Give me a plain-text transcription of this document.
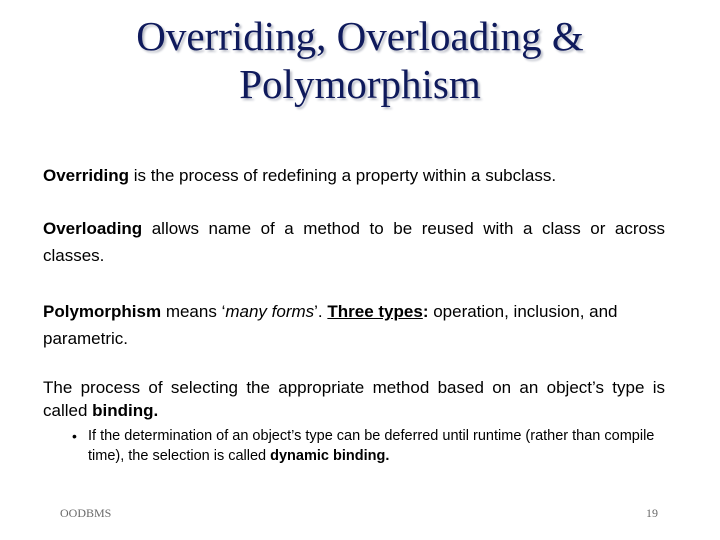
Overriding, Overloading &
Polymorphism

Overriding is the process of redefining a property within a subclass.

Overloading allows name of a method to be reused with a class or across classes.

Polymorphism means ‘many forms’. Three types: operation, inclusion, and parametric.

The process of selecting the appropriate method based on an object’s type is called binding.

• If the determination of an object’s type can be deferred until runtime (rather than compile time), the selection is called dynamic binding.
OODBMS	19
